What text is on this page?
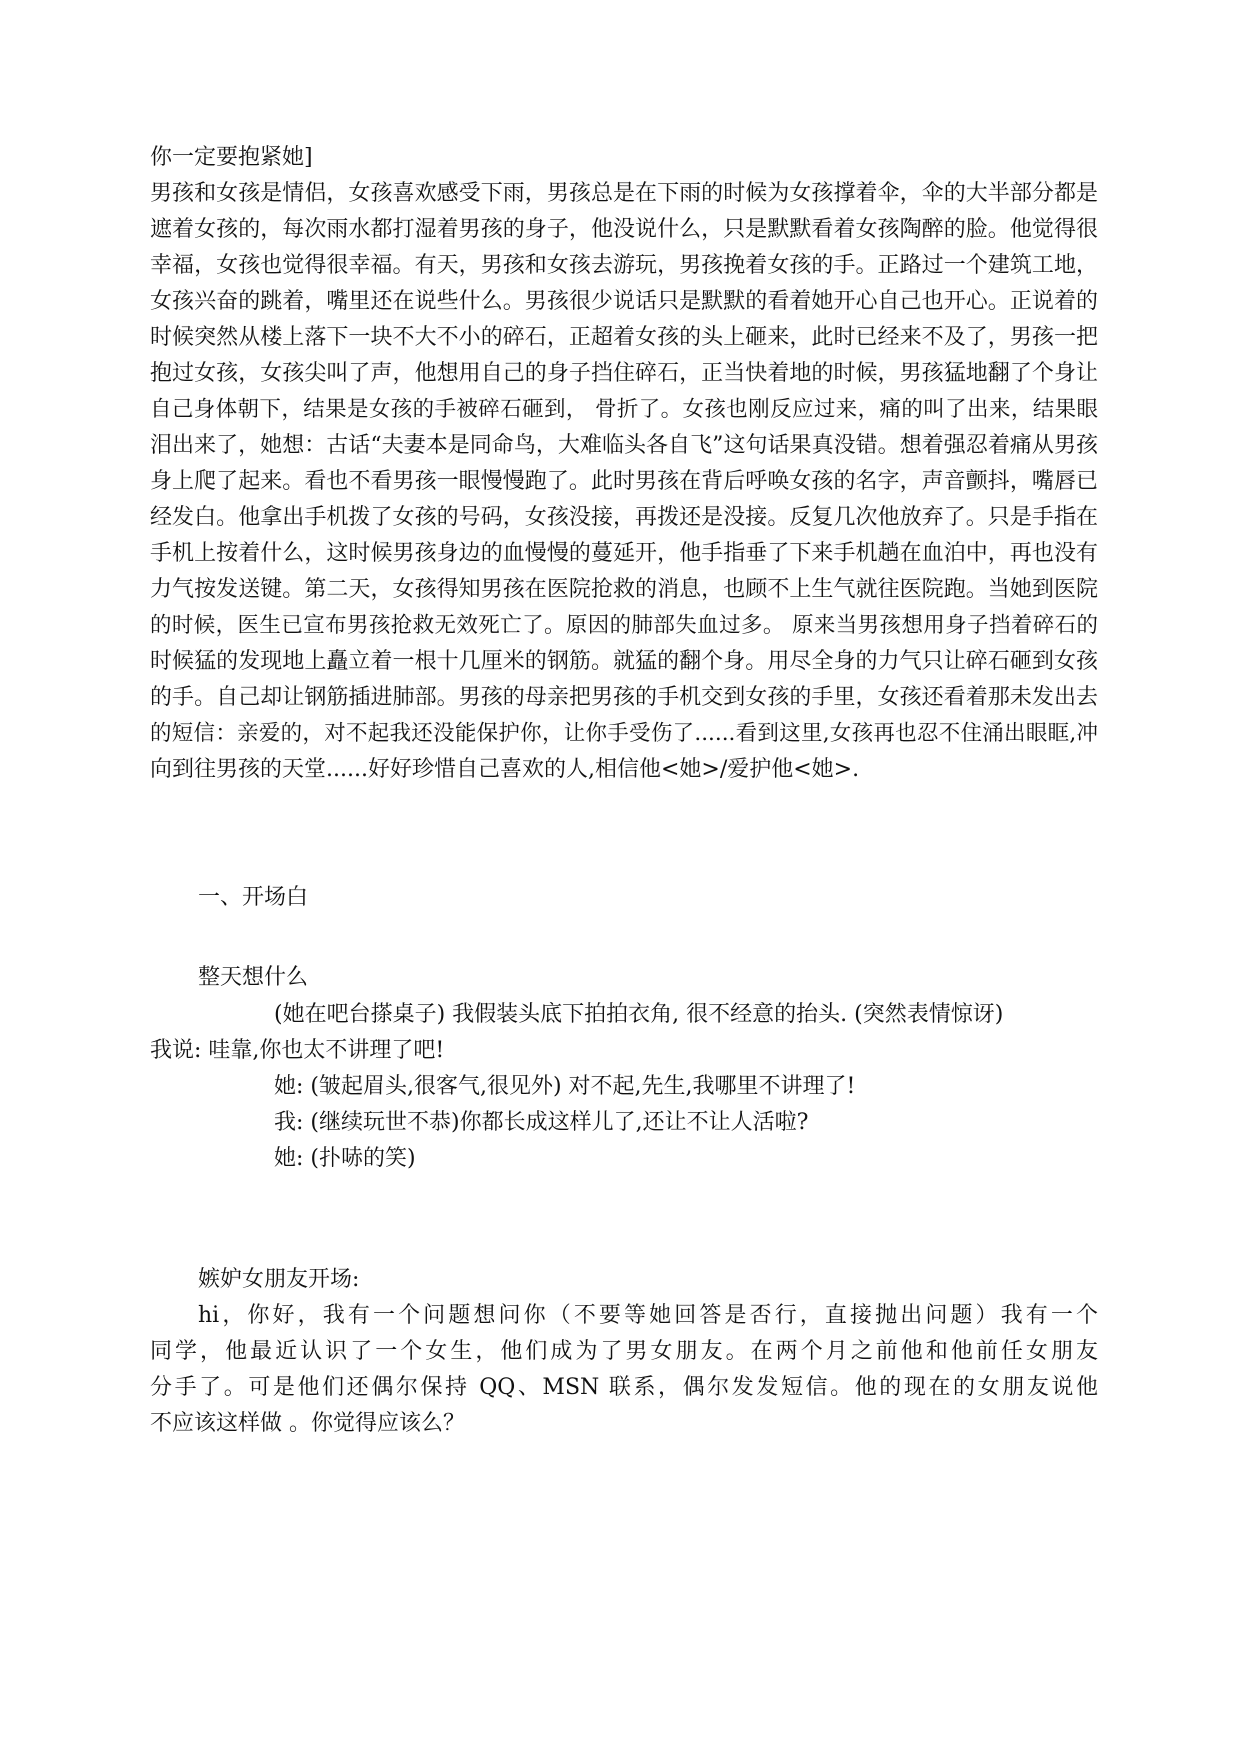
你一定要抱紧她]
男孩和女孩是情侣，女孩喜欢感受下雨，男孩总是在下雨的时候为女孩撑着伞，伞的大半部分都是
遮着女孩的，每次雨水都打湿着男孩的身子，他没说什么，只是默默看着女孩陶醉的脸。他觉得很
幸福，女孩也觉得很幸福。有天，男孩和女孩去游玩，男孩挽着女孩的手。正路过一个建筑工地，
女孩兴奋的跳着，嘴里还在说些什么。男孩很少说话只是默默的看着她开心自己也开心。正说着的
时候突然从楼上落下一块不大不小的碎石，正超着女孩的头上砸来，此时已经来不及了，男孩一把
抱过女孩，女孩尖叫了声，他想用自己的身子挡住碎石，正当快着地的时候，男孩猛地翻了个身让
自己身体朝下，结果是女孩的手被碎石砸到， 骨折了。女孩也刚反应过来，痛的叫了出来，结果眼
泪出来了，她想：古话“夫妻本是同命鸟，大难临头各自飞”这句话果真没错。想着强忍着痛从男孩
身上爬了起来。看也不看男孩一眼慢慢跑了。此时男孩在背后呼唤女孩的名字，声音颤抖，嘴唇已
经发白。他拿出手机拨了女孩的号码，女孩没接，再拨还是没接。反复几次他放弃了。只是手指在
手机上按着什么，这时候男孩身边的血慢慢的蔓延开，他手指垂了下来手机趟在血泊中，再也没有
力气按发送键。第二天，女孩得知男孩在医院抢救的消息，也顾不上生气就往医院跑。当她到医院
的时候，医生已宣布男孩抢救无效死亡了。原因的肺部失血过多。 原来当男孩想用身子挡着碎石的
时候猛的发现地上矗立着一根十几厘米的钢筋。就猛的翻个身。用尽全身的力气只让碎石砸到女孩
的手。自己却让钢筋插进肺部。男孩的母亲把男孩的手机交到女孩的手里，女孩还看着那未发出去
的短信：亲爱的，对不起我还没能保护你，让你手受伤了......看到这里,女孩再也忍不住涌出眼眶,冲
向到往男孩的天堂......好好珍惜自己喜欢的人,相信他<她>/爱护他<她>.
一、开场白
整天想什么
(她在吧台搽桌子) 我假装头底下拍拍衣角, 很不经意的抬头. (突然表情惊讶)
我说: 哇靠,你也太不讲理了吧!
她: (皱起眉头,很客气,很见外) 对不起,先生,我哪里不讲理了!
我: (继续玩世不恭)你都长成这样儿了,还让不让人活啦?
她: (扑哧的笑)
嫉妒女朋友开场:
hi，你好，我有一个问题想问你（不要等她回答是否行，直接抛出问题）我有一个
同学，他最近认识了一个女生，他们成为了男女朋友。在两个月之前他和他前任女朋友
分手了。可是他们还偶尔保持 QQ、MSN 联系，偶尔发发短信。他的现在的女朋友说他
不应该这样做 。你觉得应该么？
